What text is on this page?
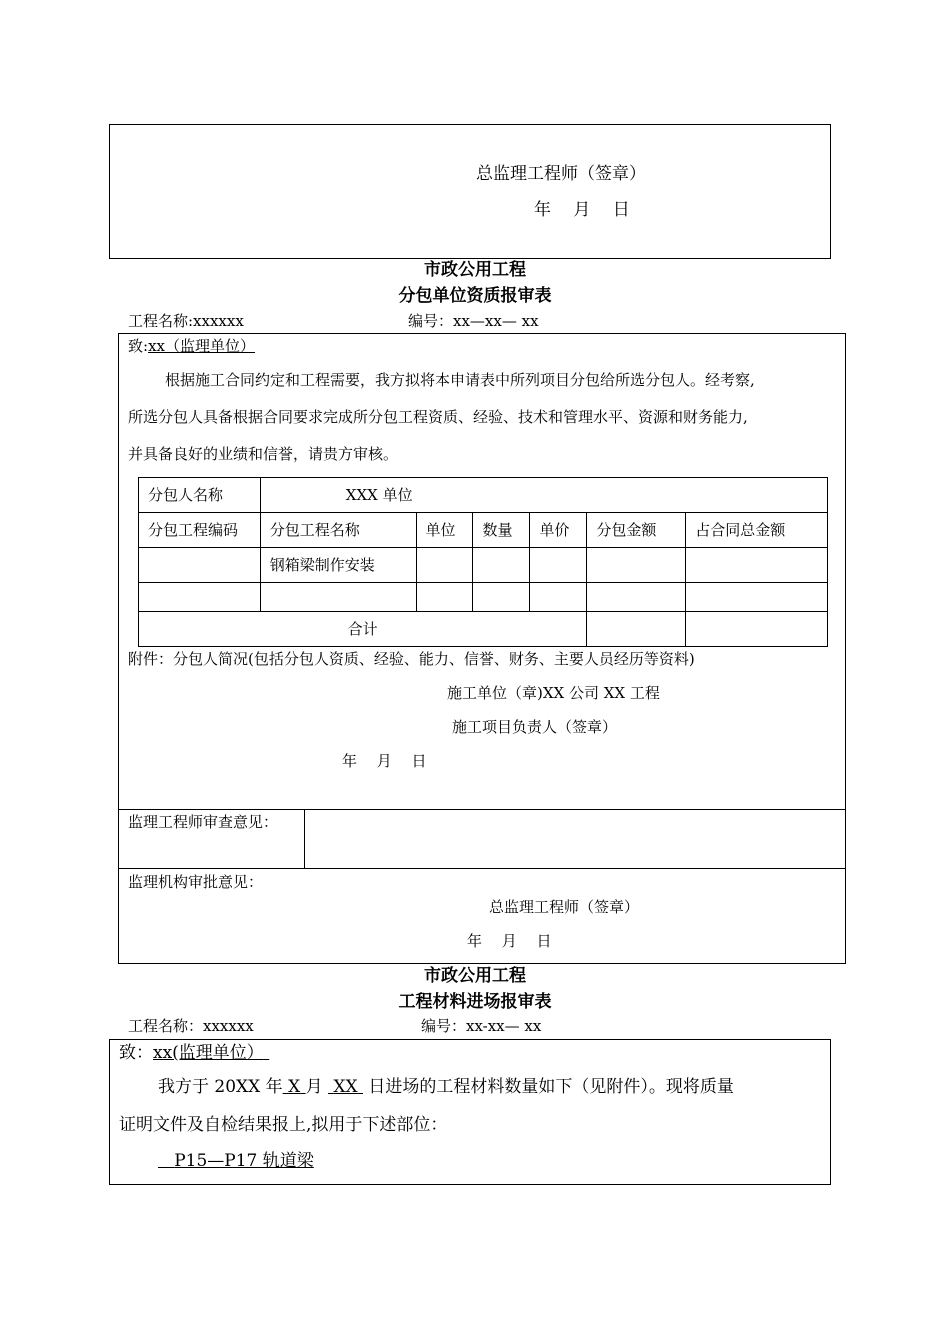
总监理工程师（签章）
年　 月　 日
市政公用工程
分包单位资质报审表
工程名称:xxxxxx	编号：xx—xx— xx
致:xx（监理单位）
根据施工合同约定和工程需要，我方拟将本申请表中所列项目分包给所选分包人。经考察,
所选分包人具备根据合同要求完成所分包工程资质、经验、技术和管理水平、资源和财务能力,
并具备良好的业绩和信誉，请贵方审核。
分包人名称	XXX 单位					
分包工程编码	分包工程名称	单位	数量	单价	分包金额	占合同总金额
	钢箱梁制作安装					

合计						
附件：分包人简况(包括分包人资质、经验、能力、信誉、财务、主要人员经历等资料)
施工单位（章)XX 公司 XX 工程
施工项目负责人（签章）
年　 月　 日
监理工程师审查意见：
监理机构审批意见：
总监理工程师（签章）
年　 月　 日
市政公用工程
工程材料进场报审表
工程名称：xxxxxx	编号：xx-xx— xx
致：xx(监理单位）
我方于 20XX 年 X 月 XX 日进场的工程材料数量如下（见附件）。现将质量
证明文件及自检结果报上,拟用于下述部位：
P15—P17 轨道梁
